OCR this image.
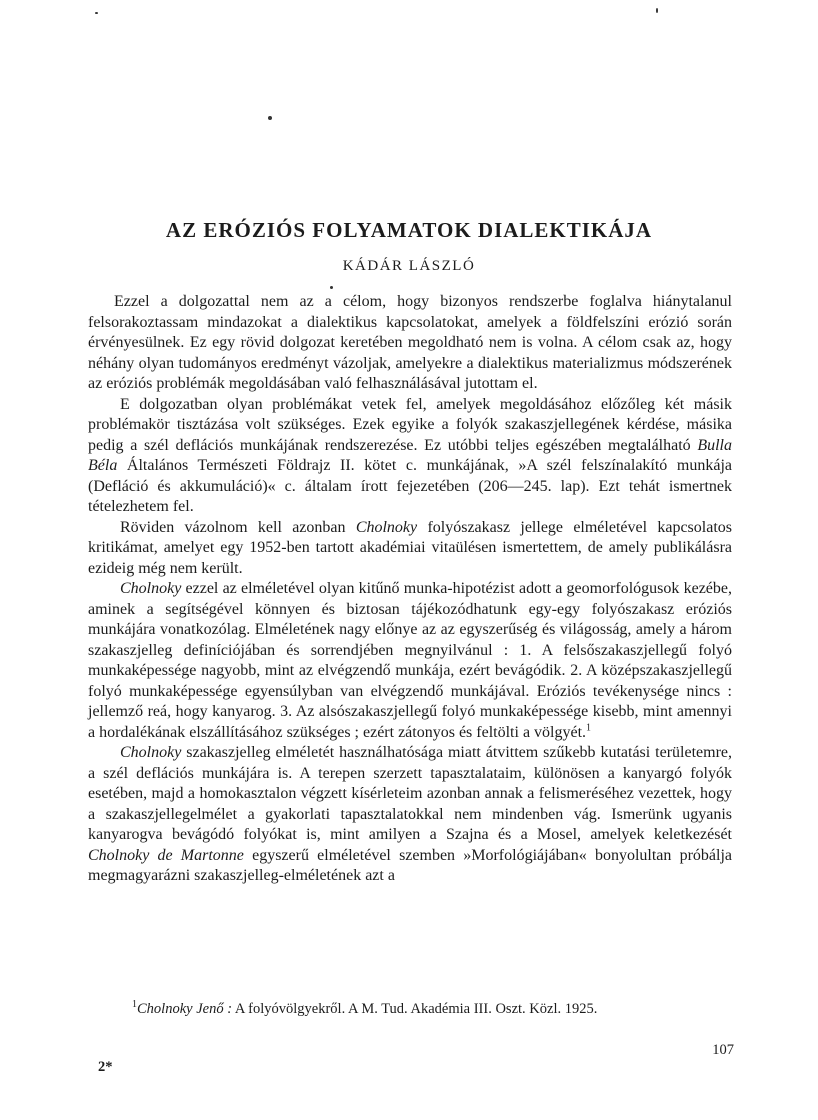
AZ ERÓZIÓS FOLYAMATOK DIALEKTIKÁJA
KÁDÁR LÁSZLÓ

Ezzel a dolgozattal nem az a célom, hogy bizonyos rendszerbe foglalva hiánytalanul felsorakoztassam mindazokat a dialektikus kapcsolatokat, amelyek a földfelszíni erózió során érvényesülnek. Ez egy rövid dolgozat keretében megoldható nem is volna. A célom csak az, hogy néhány olyan tudományos eredményt vázoljak, amelyekre a dialektikus materializmus módszerének az eróziós problémák megoldásában való felhasználásával jutottam el.

E dolgozatban olyan problémákat vetek fel, amelyek megoldásához előzőleg két másik problémakör tisztázása volt szükséges. Ezek egyike a folyók szakaszjellegének kérdése, másika pedig a szél deflációs munkájának rendszerezése. Ez utóbbi teljes egészében megtalálható Bulla Béla Általános Természeti Földrajz II. kötet c. munkájának, »A szél felszínalakító munkája (Defláció és akkumuláció)« c. általam írott fejezetében (206—245. lap). Ezt tehát ismertnek tételezhetem fel.

Röviden vázolnom kell azonban Cholnoky folyószakasz jellege elméletével kapcsolatos kritikámat, amelyet egy 1952-ben tartott akadémiai vitaülésen ismertettem, de amely publikálásra ezideig még nem került.

Cholnoky ezzel az elméletével olyan kitűnő munka-hipotézist adott a geomorfológusok kezébe, aminek a segítségével könnyen és biztosan tájékozódhatunk egy-egy folyószakasz eróziós munkájára vonatkozólag. Elméletének nagy előnye az az egyszerűség és világosság, amely a három szakaszjelleg definíciójában és sorrendjében megnyilvánul : 1. A felsőszakaszjellegű folyó munkaképessége nagyobb, mint az elvégzendő munkája, ezért bevágódik. 2. A középszakaszjellegű folyó munkaképessége egyensúlyban van elvégzendő munkájával. Eróziós tevékenysége nincs : jellemző reá, hogy kanyarog. 3. Az alsószakaszjellegű folyó munkaképessége kisebb, mint amennyi a hordalékának elszállításához szükséges ; ezért zátonyos és feltölti a völgyét.$^1$

Cholnoky szakaszjelleg elméletét használhatósága miatt átvittem szűkebb kutatási területemre, a szél deflációs munkájára is. A terepen szerzett tapasztalataim, különösen a kanyargó folyók esetében, majd a homokasztalon végzett kísérleteim azonban annak a felismeréséhez vezettek, hogy a szakaszjellegelmélet a gyakorlati tapasztalatokkal nem mindenben vág. Ismerünk ugyanis kanyarogva bevágódó folyókat is, mint amilyen a Szajna és a Mosel, amelyek keletkezését Cholnoky de Martonne egyszerű elméletével szemben »Morfológiájában« bonyolultan próbálja megmagyarázni szakaszjelleg-elméletének azt a

$^1$Cholnoky Jenő : A folyóvölgyekről. A M. Tud. Akadémia III. Oszt. Közl. 1925.
107
2*
